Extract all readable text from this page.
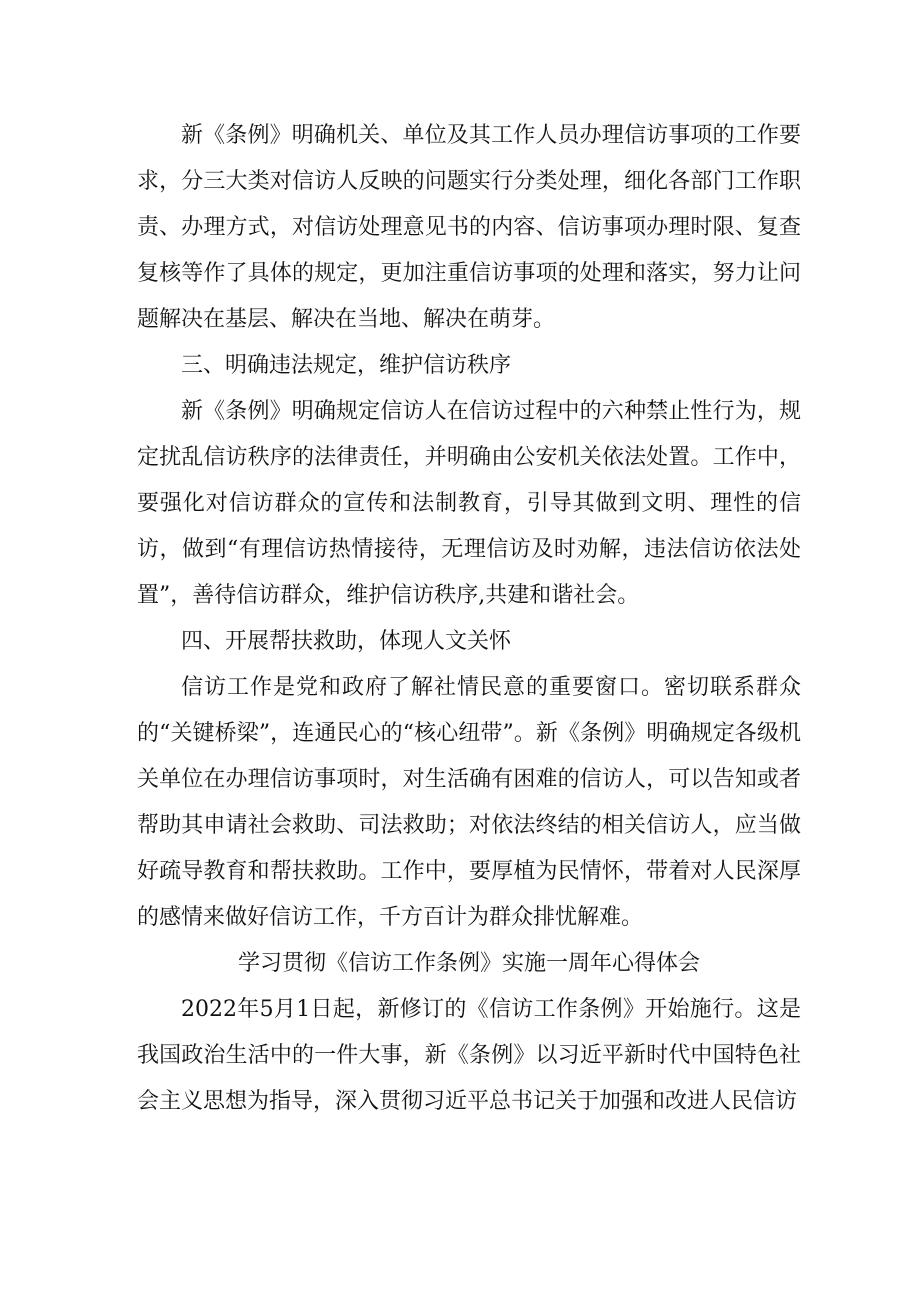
新《条例》明确机关、单位及其工作人员办理信访事项的工作要求，分三大类对信访人反映的问题实行分类处理，细化各部门工作职责、办理方式，对信访处理意见书的内容、信访事项办理时限、复查复核等作了具体的规定，更加注重信访事项的处理和落实，努力让问题解决在基层、解决在当地、解决在萌芽。

三、明确违法规定，维护信访秩序

新《条例》明确规定信访人在信访过程中的六种禁止性行为，规定扰乱信访秩序的法律责任，并明确由公安机关依法处置。工作中，要强化对信访群众的宣传和法制教育，引导其做到文明、理性的信访，做到“有理信访热情接待，无理信访及时劝解，违法信访依法处置”，善待信访群众，维护信访秩序,共建和谐社会。

四、开展帮扶救助，体现人文关怀

信访工作是党和政府了解社情民意的重要窗口。密切联系群众的“关键桥梁”，连通民心的“核心纽带”。新《条例》明确规定各级机关单位在办理信访事项时，对生活确有困难的信访人，可以告知或者帮助其申请社会救助、司法救助；对依法终结的相关信访人，应当做好疏导教育和帮扶救助。工作中，要厚植为民情怀，带着对人民深厚的感情来做好信访工作，千方百计为群众排忧解难。

学习贯彻《信访工作条例》实施一周年心得体会

2022年5月1日起，新修订的《信访工作条例》开始施行。这是我国政治生活中的一件大事，新《条例》以习近平新时代中国特色社会主义思想为指导，深入贯彻习近平总书记关于加强和改进人民信访
